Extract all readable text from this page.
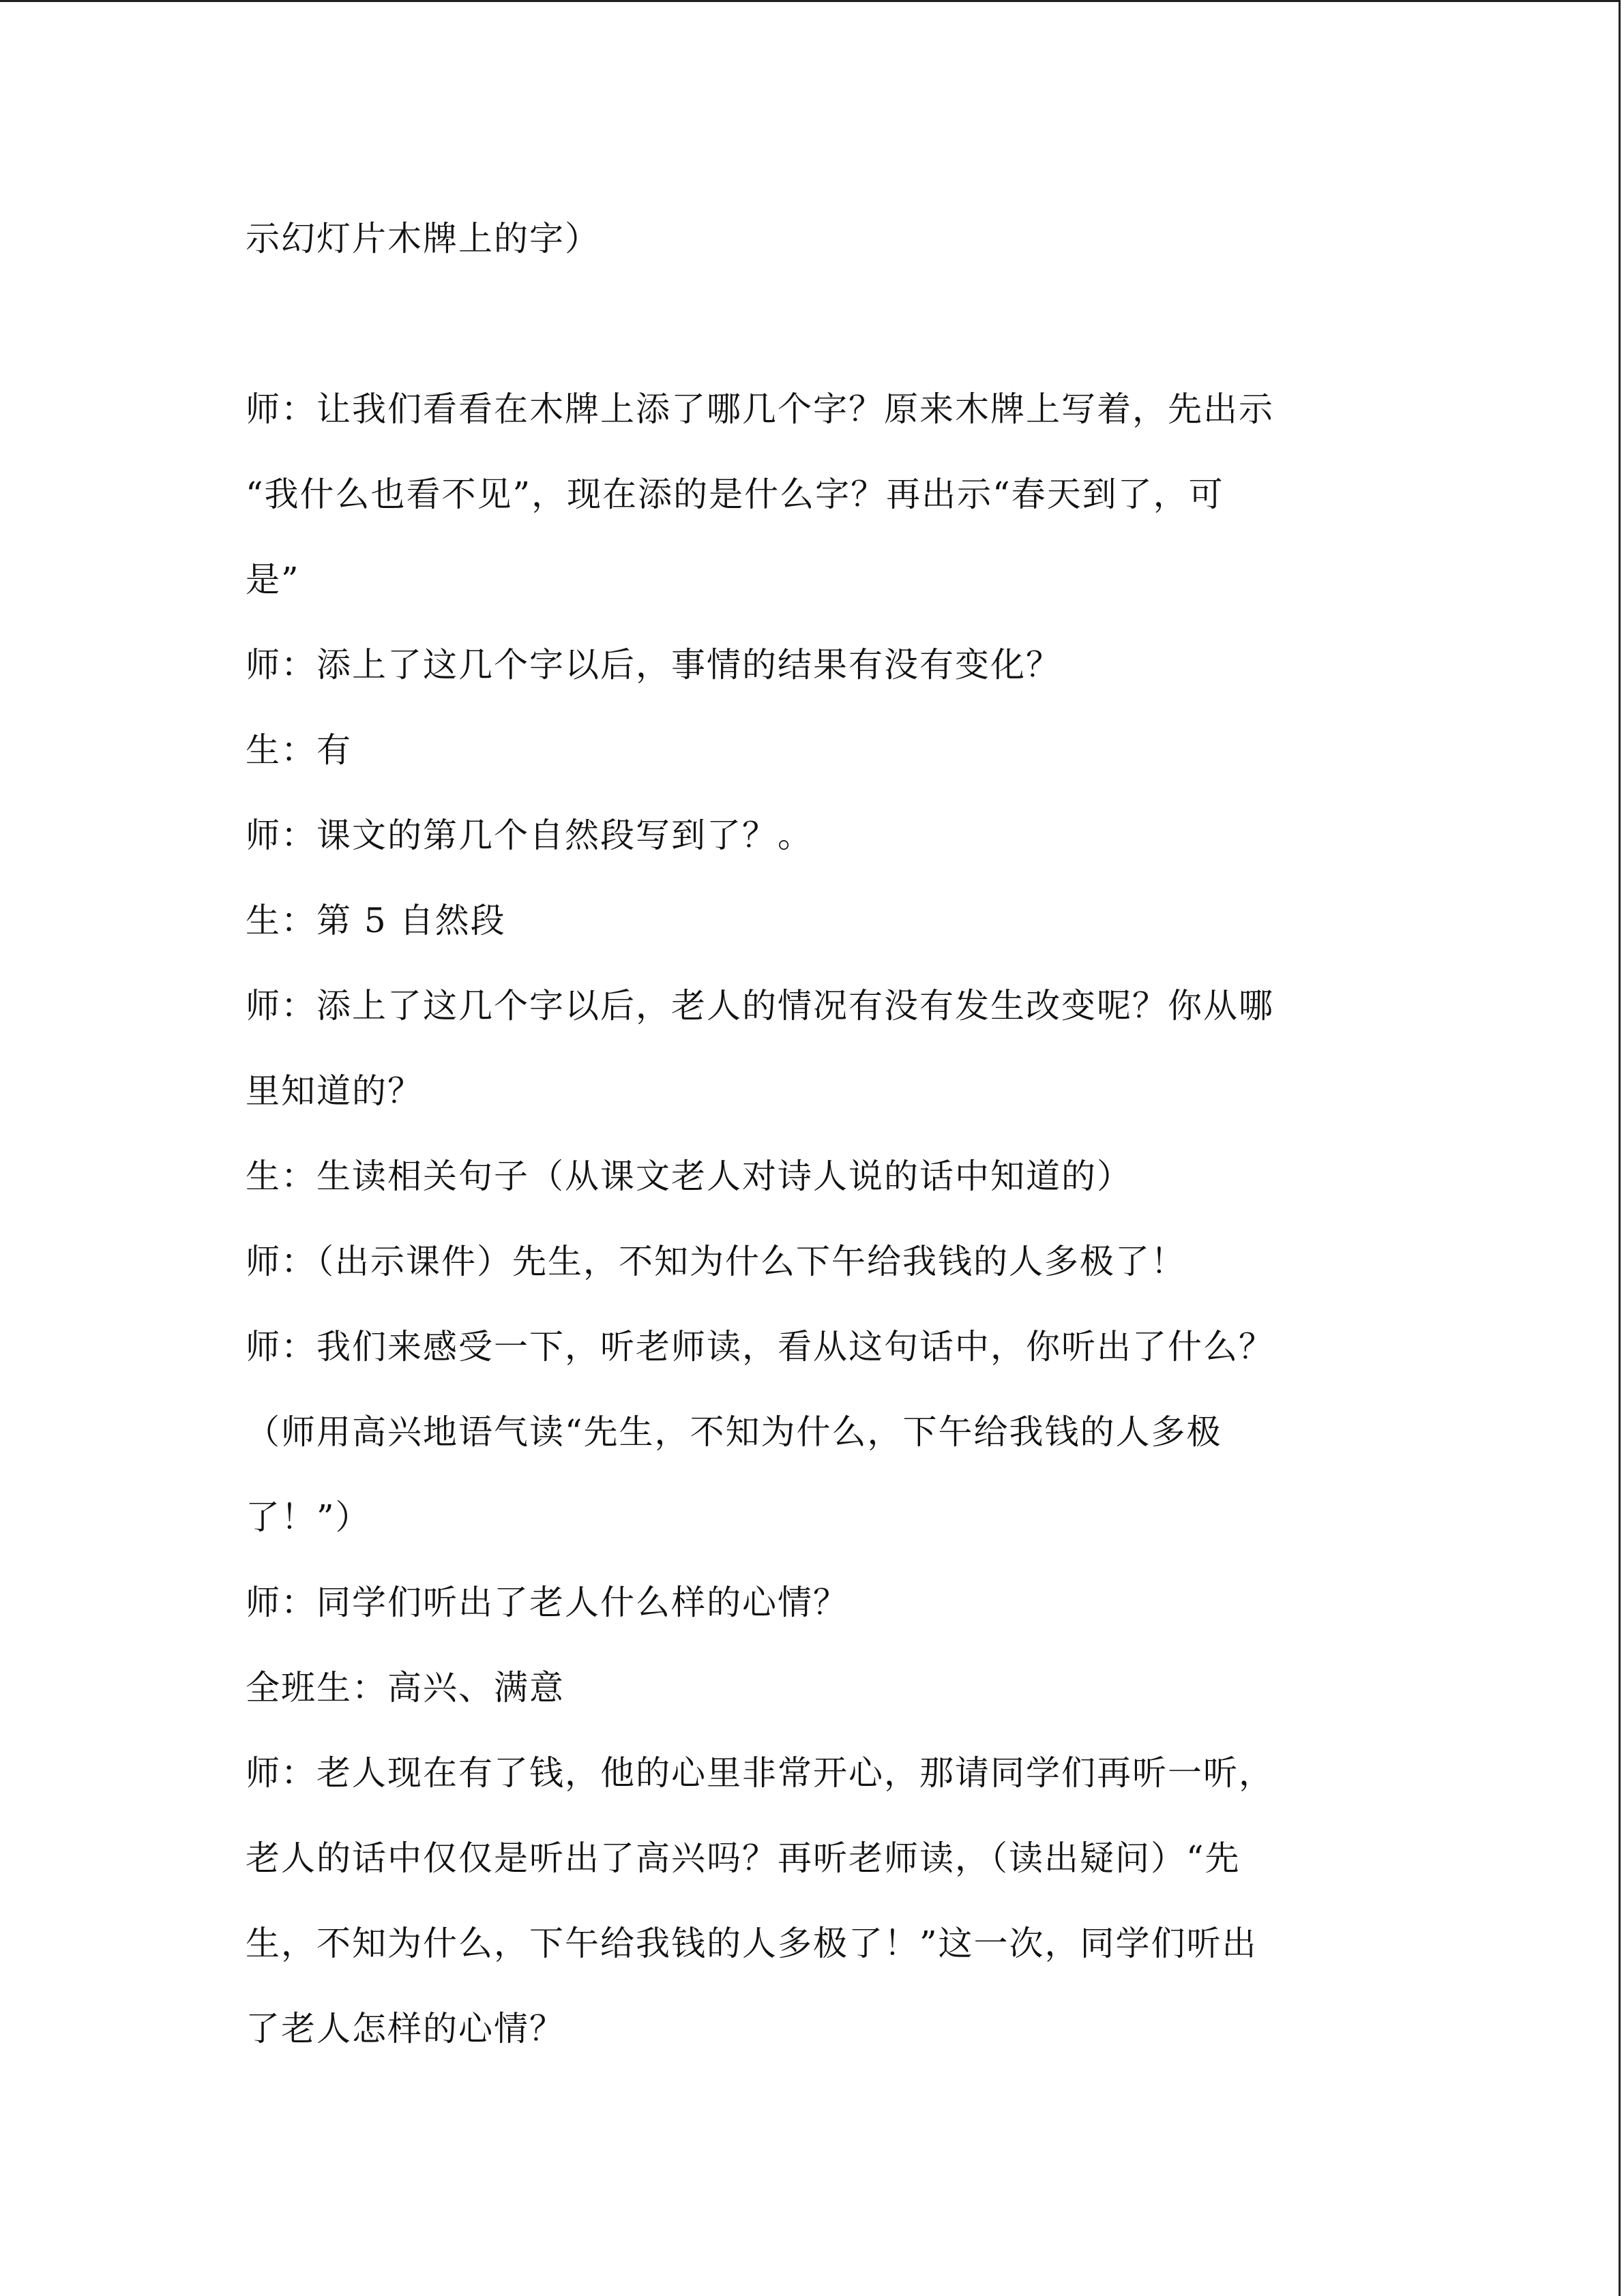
示幻灯片木牌上的字）
师：让我们看看在木牌上添了哪几个字？原来木牌上写着，先出示
“我什么也看不见”，现在添的是什么字？再出示“春天到了，可
是”
师：添上了这几个字以后，事情的结果有没有变化？
生：有
师：课文的第几个自然段写到了？。
生：第 5 自然段
师：添上了这几个字以后，老人的情况有没有发生改变呢？你从哪
里知道的？
生：生读相关句子（从课文老人对诗人说的话中知道的）
师：（出示课件）先生，不知为什么下午给我钱的人多极了！
师：我们来感受一下，听老师读，看从这句话中，你听出了什么？
（师用高兴地语气读“先生，不知为什么，下午给我钱的人多极
了！”）
师：同学们听出了老人什么样的心情？
全班生：高兴、满意
师：老人现在有了钱，他的心里非常开心，那请同学们再听一听，
老人的话中仅仅是听出了高兴吗？再听老师读，（读出疑问）“先
生，不知为什么，下午给我钱的人多极了！”这一次，同学们听出
了老人怎样的心情？
